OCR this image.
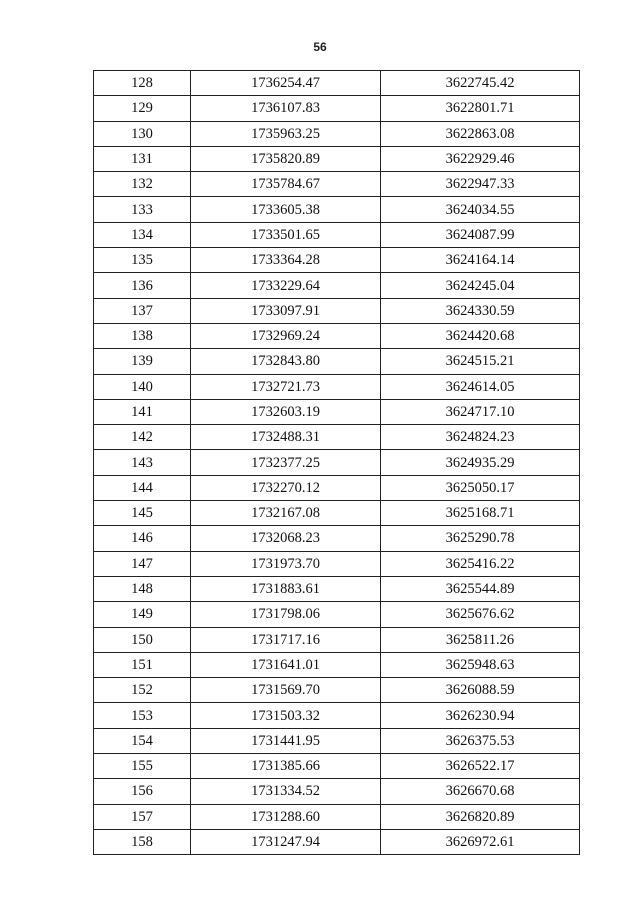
56
128	1736254.47	3622745.42
129	1736107.83	3622801.71
130	1735963.25	3622863.08
131	1735820.89	3622929.46
132	1735784.67	3622947.33
133	1733605.38	3624034.55
134	1733501.65	3624087.99
135	1733364.28	3624164.14
136	1733229.64	3624245.04
137	1733097.91	3624330.59
138	1732969.24	3624420.68
139	1732843.80	3624515.21
140	1732721.73	3624614.05
141	1732603.19	3624717.10
142	1732488.31	3624824.23
143	1732377.25	3624935.29
144	1732270.12	3625050.17
145	1732167.08	3625168.71
146	1732068.23	3625290.78
147	1731973.70	3625416.22
148	1731883.61	3625544.89
149	1731798.06	3625676.62
150	1731717.16	3625811.26
151	1731641.01	3625948.63
152	1731569.70	3626088.59
153	1731503.32	3626230.94
154	1731441.95	3626375.53
155	1731385.66	3626522.17
156	1731334.52	3626670.68
157	1731288.60	3626820.89
158	1731247.94	3626972.61
